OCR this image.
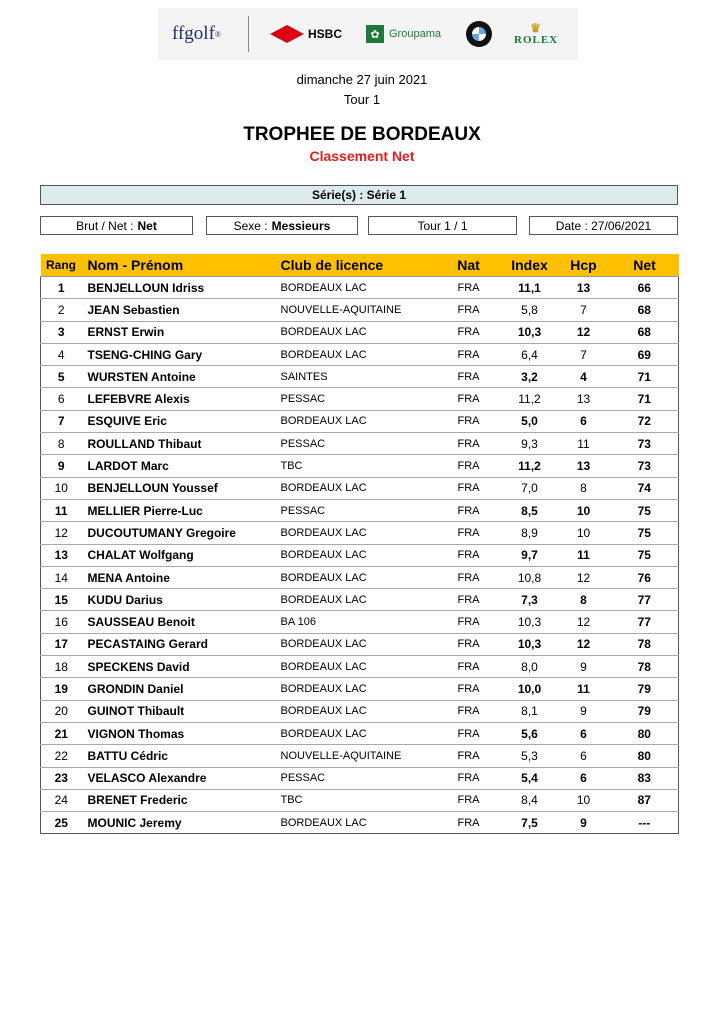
ffgolf ®	HSBC	✿ Groupama	♛
ROLEX
dimanche 27 juin 2021
Tour 1
TROPHEE DE BORDEAUX
Classement Net
Série(s) : Série 1
Brut / Net : Net	Sexe : Messieurs	Tour 1 / 1	Date : 27/06/2021
Rang	Nom - Prénom	Club de licence	Nat	Index	Hcp	Net
1	BENJELLOUN Idriss	BORDEAUX LAC	FRA	11,1	13	66
2	JEAN Sebastien	NOUVELLE-AQUITAINE	FRA	5,8	7	68
3	ERNST Erwin	BORDEAUX LAC	FRA	10,3	12	68
4	TSENG-CHING Gary	BORDEAUX LAC	FRA	6,4	7	69
5	WURSTEN Antoine	SAINTES	FRA	3,2	4	71
6	LEFEBVRE Alexis	PESSAC	FRA	11,2	13	71
7	ESQUIVE Eric	BORDEAUX LAC	FRA	5,0	6	72
8	ROULLAND Thibaut	PESSAC	FRA	9,3	11	73
9	LARDOT Marc	TBC	FRA	11,2	13	73
10	BENJELLOUN Youssef	BORDEAUX LAC	FRA	7,0	8	74
11	MELLIER Pierre-Luc	PESSAC	FRA	8,5	10	75
12	DUCOUTUMANY Gregoire	BORDEAUX LAC	FRA	8,9	10	75
13	CHALAT Wolfgang	BORDEAUX LAC	FRA	9,7	11	75
14	MENA Antoine	BORDEAUX LAC	FRA	10,8	12	76
15	KUDU Darius	BORDEAUX LAC	FRA	7,3	8	77
16	SAUSSEAU Benoit	BA 106	FRA	10,3	12	77
17	PECASTAING Gerard	BORDEAUX LAC	FRA	10,3	12	78
18	SPECKENS David	BORDEAUX LAC	FRA	8,0	9	78
19	GRONDIN Daniel	BORDEAUX LAC	FRA	10,0	11	79
20	GUINOT Thibault	BORDEAUX LAC	FRA	8,1	9	79
21	VIGNON Thomas	BORDEAUX LAC	FRA	5,6	6	80
22	BATTU Cédric	NOUVELLE-AQUITAINE	FRA	5,3	6	80
23	VELASCO Alexandre	PESSAC	FRA	5,4	6	83
24	BRENET Frederic	TBC	FRA	8,4	10	87
25	MOUNIC Jeremy	BORDEAUX LAC	FRA	7,5	9	---
